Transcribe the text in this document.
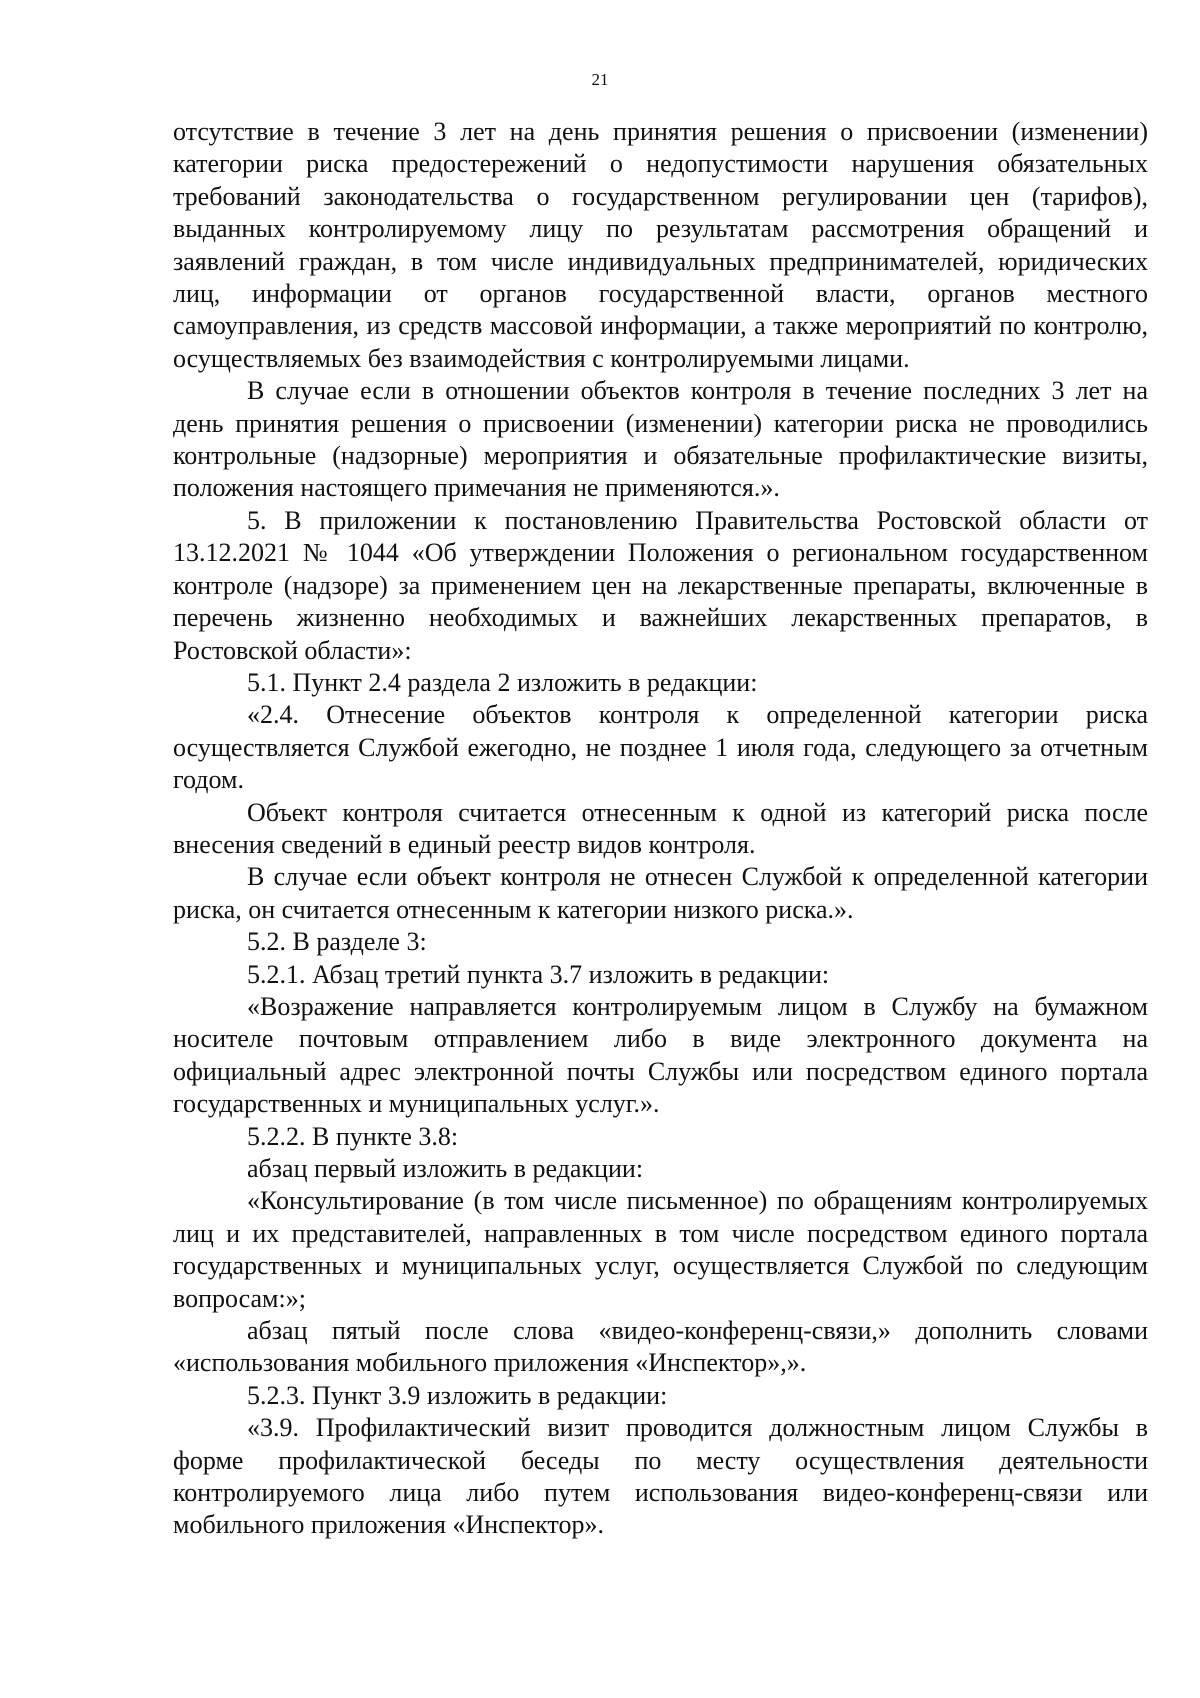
21

отсутствие в течение 3 лет на день принятия решения о присвоении (изменении) категории риска предостережений о недопустимости нарушения обязательных требований законодательства о государственном регулировании цен (тарифов), выданных контролируемому лицу по результатам рассмотрения обращений и заявлений граждан, в том числе индивидуальных предпринимателей, юридических лиц, информации от органов государственной власти, органов местного самоуправления, из средств массовой информации, а также мероприятий по контролю, осуществляемых без взаимодействия с контролируемыми лицами.

В случае если в отношении объектов контроля в течение последних 3 лет на день принятия решения о присвоении (изменении) категории риска не проводились контрольные (надзорные) мероприятия и обязательные профилактические визиты, положения настоящего примечания не применяются.».

5. В приложении к постановлению Правительства Ростовской области от 13.12.2021 № 1044 «Об утверждении Положения о региональном государственном контроле (надзоре) за применением цен на лекарственные препараты, включенные в перечень жизненно необходимых и важнейших лекарственных препаратов, в Ростовской области»:

5.1. Пункт 2.4 раздела 2 изложить в редакции:

«2.4. Отнесение объектов контроля к определенной категории риска осуществляется Службой ежегодно, не позднее 1 июля года, следующего за отчетным годом.

Объект контроля считается отнесенным к одной из категорий риска после внесения сведений в единый реестр видов контроля.

В случае если объект контроля не отнесен Службой к определенной категории риска, он считается отнесенным к категории низкого риска.».

5.2. В разделе 3:

5.2.1. Абзац третий пункта 3.7 изложить в редакции:

«Возражение направляется контролируемым лицом в Службу на бумажном носителе почтовым отправлением либо в виде электронного документа на официальный адрес электронной почты Службы или посредством единого портала государственных и муниципальных услуг.».

5.2.2. В пункте 3.8:

абзац первый изложить в редакции:

«Консультирование (в том числе письменное) по обращениям контролируемых лиц и их представителей, направленных в том числе посредством единого портала государственных и муниципальных услуг, осуществляется Службой по следующим вопросам:»;

абзац пятый после слова «видео-конференц-связи,» дополнить словами «использования мобильного приложения «Инспектор»,».

5.2.3. Пункт 3.9 изложить в редакции:

«3.9. Профилактический визит проводится должностным лицом Службы в форме профилактической беседы по месту осуществления деятельности контролируемого лица либо путем использования видео-конференц-связи или мобильного приложения «Инспектор».
